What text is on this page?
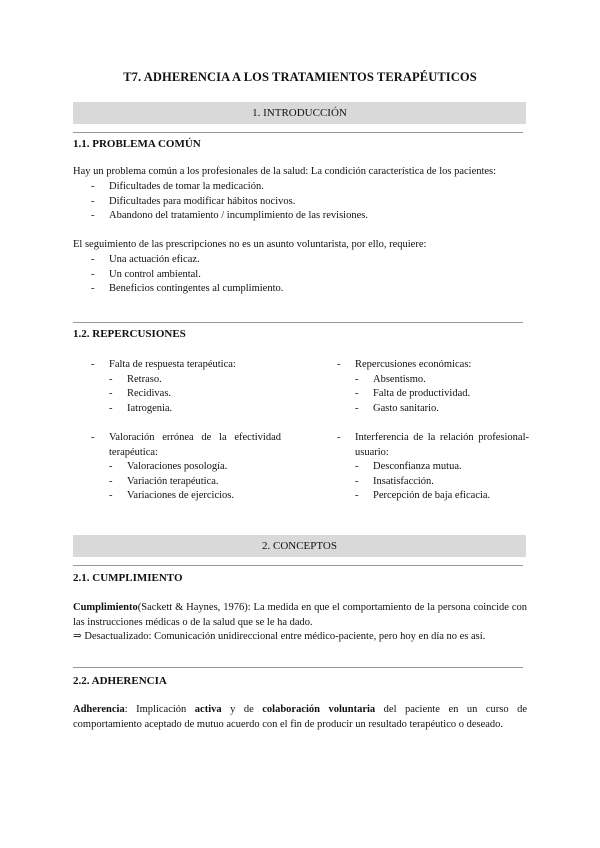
T7. ADHERENCIA A LOS TRATAMIENTOS TERAPÉUTICOS
1. INTRODUCCIÓN
1.1. PROBLEMA COMÚN
Hay un problema común a los profesionales de la salud: La condición característica de los pacientes:
- Dificultades de tomar la medicación.
- Dificultades para modificar hábitos nocivos.
- Abandono del tratamiento / incumplimiento de las revisiones.
El seguimiento de las prescripciones no es un asunto voluntarista, por ello, requiere:
- Una actuación eficaz.
- Un control ambiental.
- Beneficios contingentes al cumplimiento.
1.2. REPERCUSIONES
- Falta de respuesta terapéutica:
- Retraso.
- Recidivas.
- Iatrogenia.
- Repercusiones económicas:
- Absentismo.
- Falta de productividad.
- Gasto sanitario.
- Valoración errónea de la efectividad terapéutica:
- Valoraciones posología.
- Variación terapéutica.
- Variaciones de ejercicios.
- Interferencia de la relación profesional-usuario:
- Desconfianza mutua.
- Insatisfacción.
- Percepción de baja eficacia.
2. CONCEPTOS
2.1. CUMPLIMIENTO
Cumplimiento(Sackett & Haynes, 1976): La medida en que el comportamiento de la persona coincide con las instrucciones médicas o de la salud que se le ha dado.
⇒ Desactualizado: Comunicación unidireccional entre médico-paciente, pero hoy en día no es así.
2.2. ADHERENCIA
Adherencia: Implicación activa y de colaboración voluntaria del paciente en un curso de comportamiento aceptado de mutuo acuerdo con el fin de producir un resultado terapéutico o deseado.
